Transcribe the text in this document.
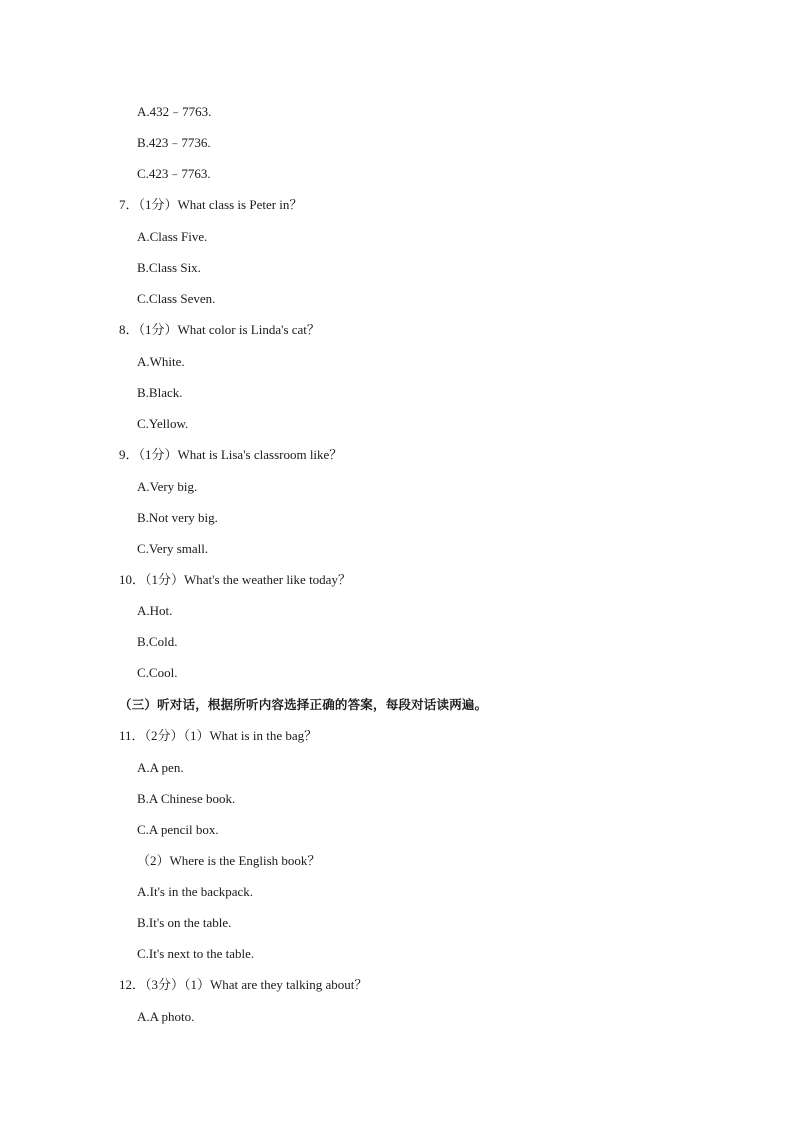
A.432﹣7763.
B.423﹣7736.
C.423﹣7763.
7．（1分）What class is Peter in？
A.Class Five.
B.Class Six.
C.Class Seven.
8．（1分）What color is Linda's cat？
A.White.
B.Black.
C.Yellow.
9．（1分）What is Lisa's classroom like？
A.Very big.
B.Not very big.
C.Very small.
10．（1分）What's the weather like today？
A.Hot.
B.Cold.
C.Cool.
（三）听对话，根据所听内容选择正确的答案，每段对话读两遍。
11．（2分）（1）What is in the bag？
A.A pen.
B.A Chinese book.
C.A pencil box.
（2）Where is the English book？
A.It's in the backpack.
B.It's on the table.
C.It's next to the table.
12．（3分）（1）What are they talking about？
A.A photo.
